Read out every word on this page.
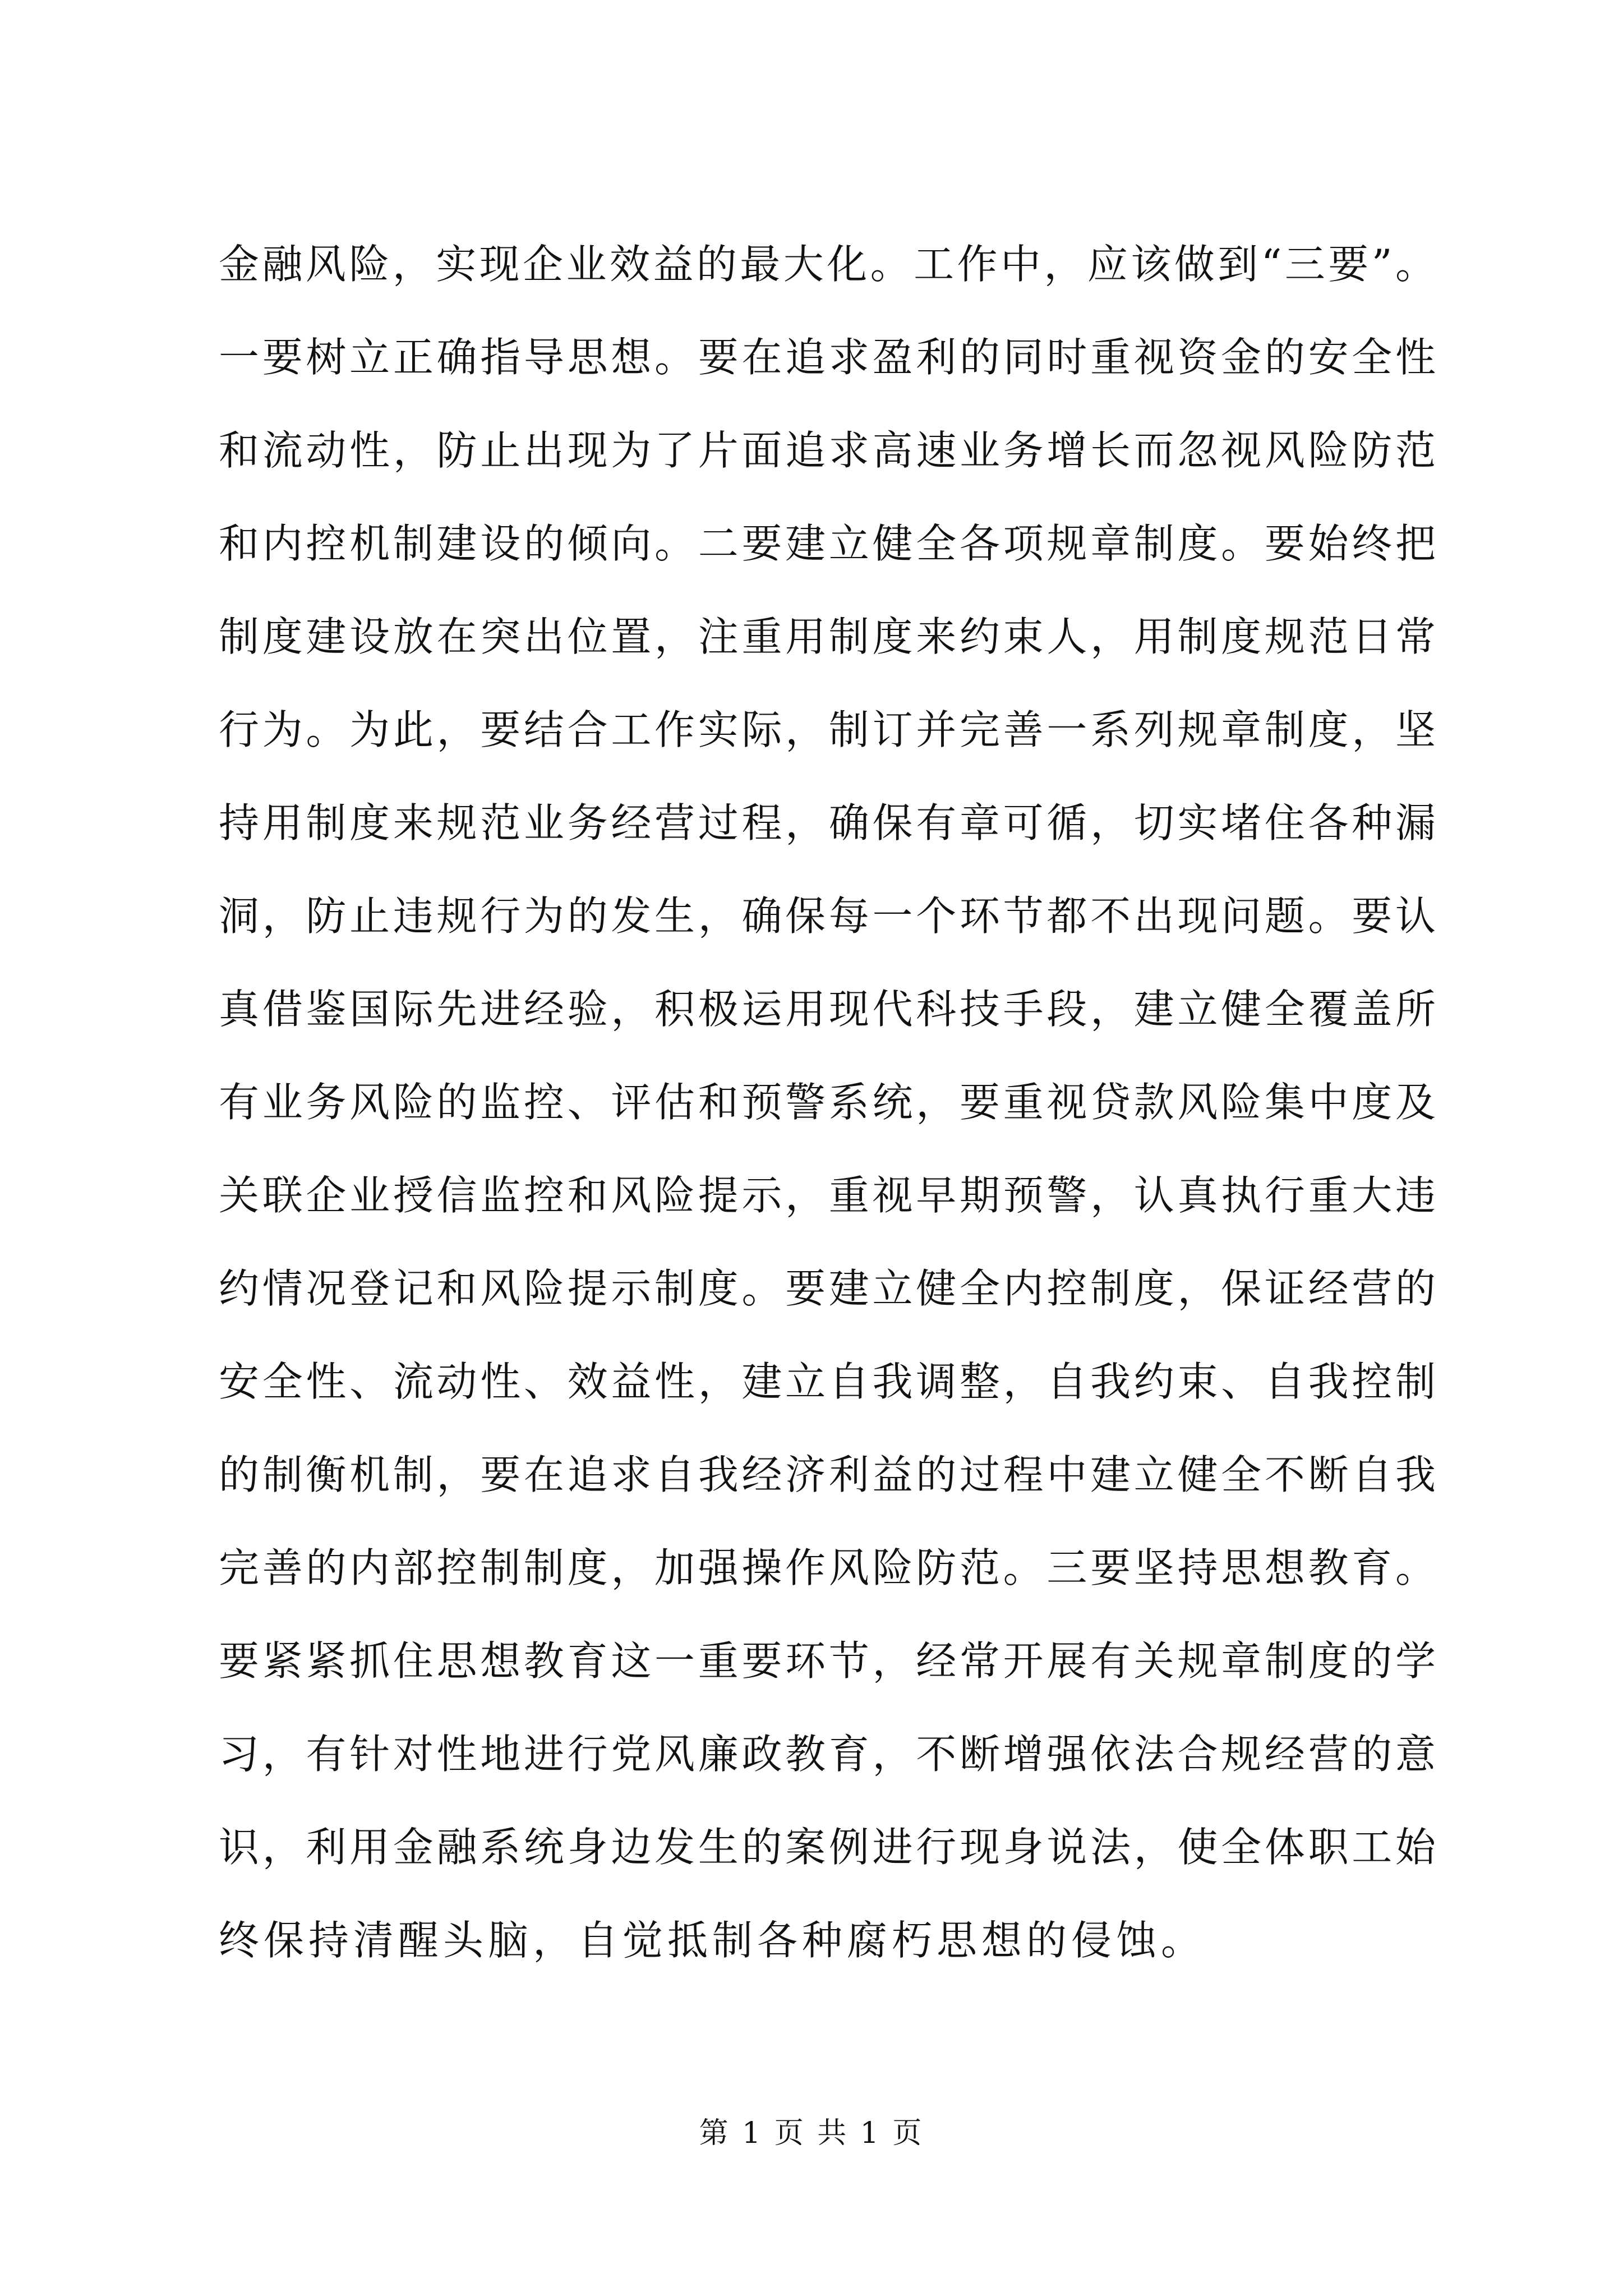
金融风险，实现企业效益的最大化。工作中，应该做到“三要”。
一要树立正确指导思想。要在追求盈利的同时重视资金的安全性
和流动性，防止出现为了片面追求高速业务增长而忽视风险防范
和内控机制建设的倾向。二要建立健全各项规章制度。要始终把
制度建设放在突出位置，注重用制度来约束人，用制度规范日常
行为。为此，要结合工作实际，制订并完善一系列规章制度，坚
持用制度来规范业务经营过程，确保有章可循，切实堵住各种漏
洞，防止违规行为的发生，确保每一个环节都不出现问题。要认
真借鉴国际先进经验，积极运用现代科技手段，建立健全覆盖所
有业务风险的监控、评估和预警系统，要重视贷款风险集中度及
关联企业授信监控和风险提示，重视早期预警，认真执行重大违
约情况登记和风险提示制度。要建立健全内控制度，保证经营的
安全性、流动性、效益性，建立自我调整，自我约束、自我控制
的制衡机制，要在追求自我经济利益的过程中建立健全不断自我
完善的内部控制制度，加强操作风险防范。三要坚持思想教育。
要紧紧抓住思想教育这一重要环节，经常开展有关规章制度的学
习，有针对性地进行党风廉政教育，不断增强依法合规经营的意
识，利用金融系统身边发生的案例进行现身说法，使全体职工始
终保持清醒头脑，自觉抵制各种腐朽思想的侵蚀。
第 1 页 共 1 页
